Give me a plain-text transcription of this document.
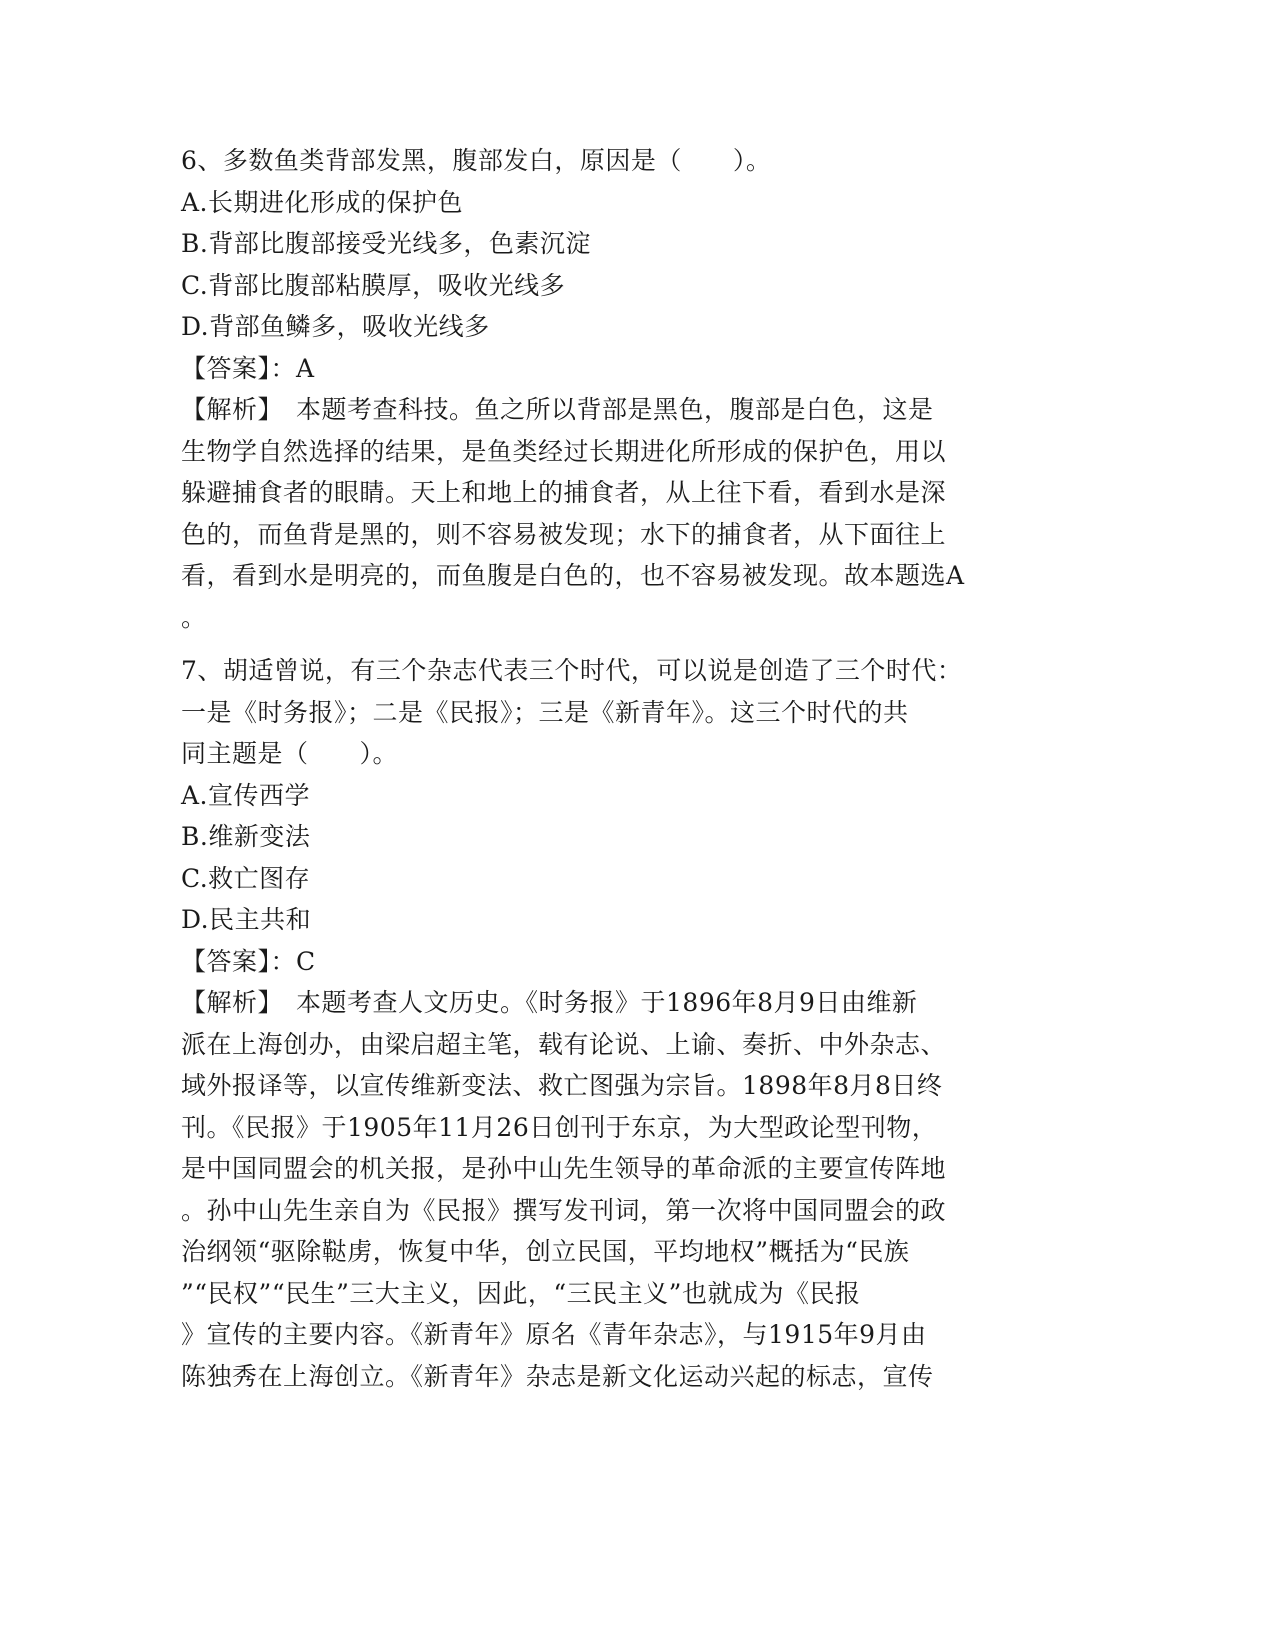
6、多数鱼类背部发黑，腹部发白，原因是（　　）。
A.长期进化形成的保护色
B.背部比腹部接受光线多，色素沉淀
C.背部比腹部粘膜厚，吸收光线多
D.背部鱼鳞多，吸收光线多
【答案】：A
【解析】　本题考查科技。鱼之所以背部是黑色，腹部是白色，这是
生物学自然选择的结果，是鱼类经过长期进化所形成的保护色，用以
躲避捕食者的眼睛。天上和地上的捕食者，从上往下看，看到水是深
色的，而鱼背是黑的，则不容易被发现；水下的捕食者，从下面往上
看，看到水是明亮的，而鱼腹是白色的，也不容易被发现。故本题选A
。
7、胡适曾说，有三个杂志代表三个时代，可以说是创造了三个时代：
一是《时务报》；二是《民报》；三是《新青年》。这三个时代的共
同主题是（　　）。
A.宣传西学
B.维新变法
C.救亡图存
D.民主共和
【答案】：C
【解析】　本题考查人文历史。《时务报》于1896年8月9日由维新
派在上海创办，由梁启超主笔，载有论说、上谕、奏折、中外杂志、
域外报译等，以宣传维新变法、救亡图强为宗旨。1898年8月8日终
刊。《民报》于1905年11月26日创刊于东京，为大型政论型刊物，
是中国同盟会的机关报，是孙中山先生领导的革命派的主要宣传阵地
。孙中山先生亲自为《民报》撰写发刊词，第一次将中国同盟会的政
治纲领“驱除鞑虏，恢复中华，创立民国，平均地权”概括为“民族
”“民权”“民生”三大主义，因此，“三民主义”也就成为《民报
》宣传的主要内容。《新青年》原名《青年杂志》，与1915年9月由
陈独秀在上海创立。《新青年》杂志是新文化运动兴起的标志，宣传
